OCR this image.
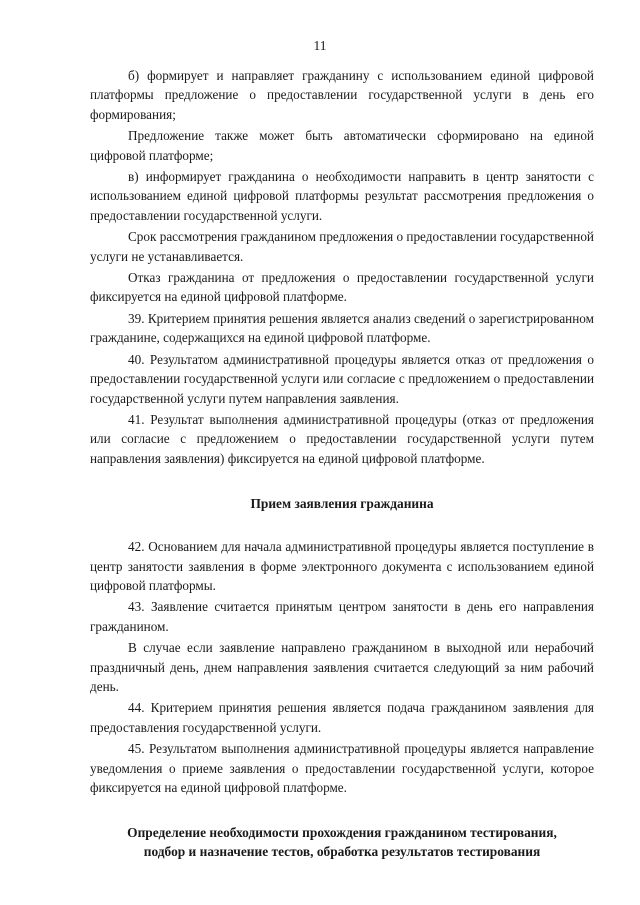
11

б) формирует и направляет гражданину с использованием единой цифровой платформы предложение о предоставлении государственной услуги в день его формирования;

Предложение также может быть автоматически сформировано на единой цифровой платформе;

в) информирует гражданина о необходимости направить в центр занятости с использованием единой цифровой платформы результат рассмотрения предложения о предоставлении государственной услуги.

Срок рассмотрения гражданином предложения о предоставлении государственной услуги не устанавливается.

Отказ гражданина от предложения о предоставлении государственной услуги фиксируется на единой цифровой платформе.

39. Критерием принятия решения является анализ сведений о зарегистрированном гражданине, содержащихся на единой цифровой платформе.

40. Результатом административной процедуры является отказ от предложения о предоставлении государственной услуги или согласие с предложением о предоставлении государственной услуги путем направления заявления.

41. Результат выполнения административной процедуры (отказ от предложения или согласие с предложением о предоставлении государственной услуги путем направления заявления) фиксируется на единой цифровой платформе.

Прием заявления гражданина

42. Основанием для начала административной процедуры является поступление в центр занятости заявления в форме электронного документа с использованием единой цифровой платформы.

43. Заявление считается принятым центром занятости в день его направления гражданином.

В случае если заявление направлено гражданином в выходной или нерабочий праздничный день, днем направления заявления считается следующий за ним рабочий день.

44. Критерием принятия решения является подача гражданином заявления для предоставления государственной услуги.

45. Результатом выполнения административной процедуры является направление уведомления о приеме заявления о предоставлении государственной услуги, которое фиксируется на единой цифровой платформе.

Определение необходимости прохождения гражданином тестирования,
подбор и назначение тестов, обработка результатов тестирования
